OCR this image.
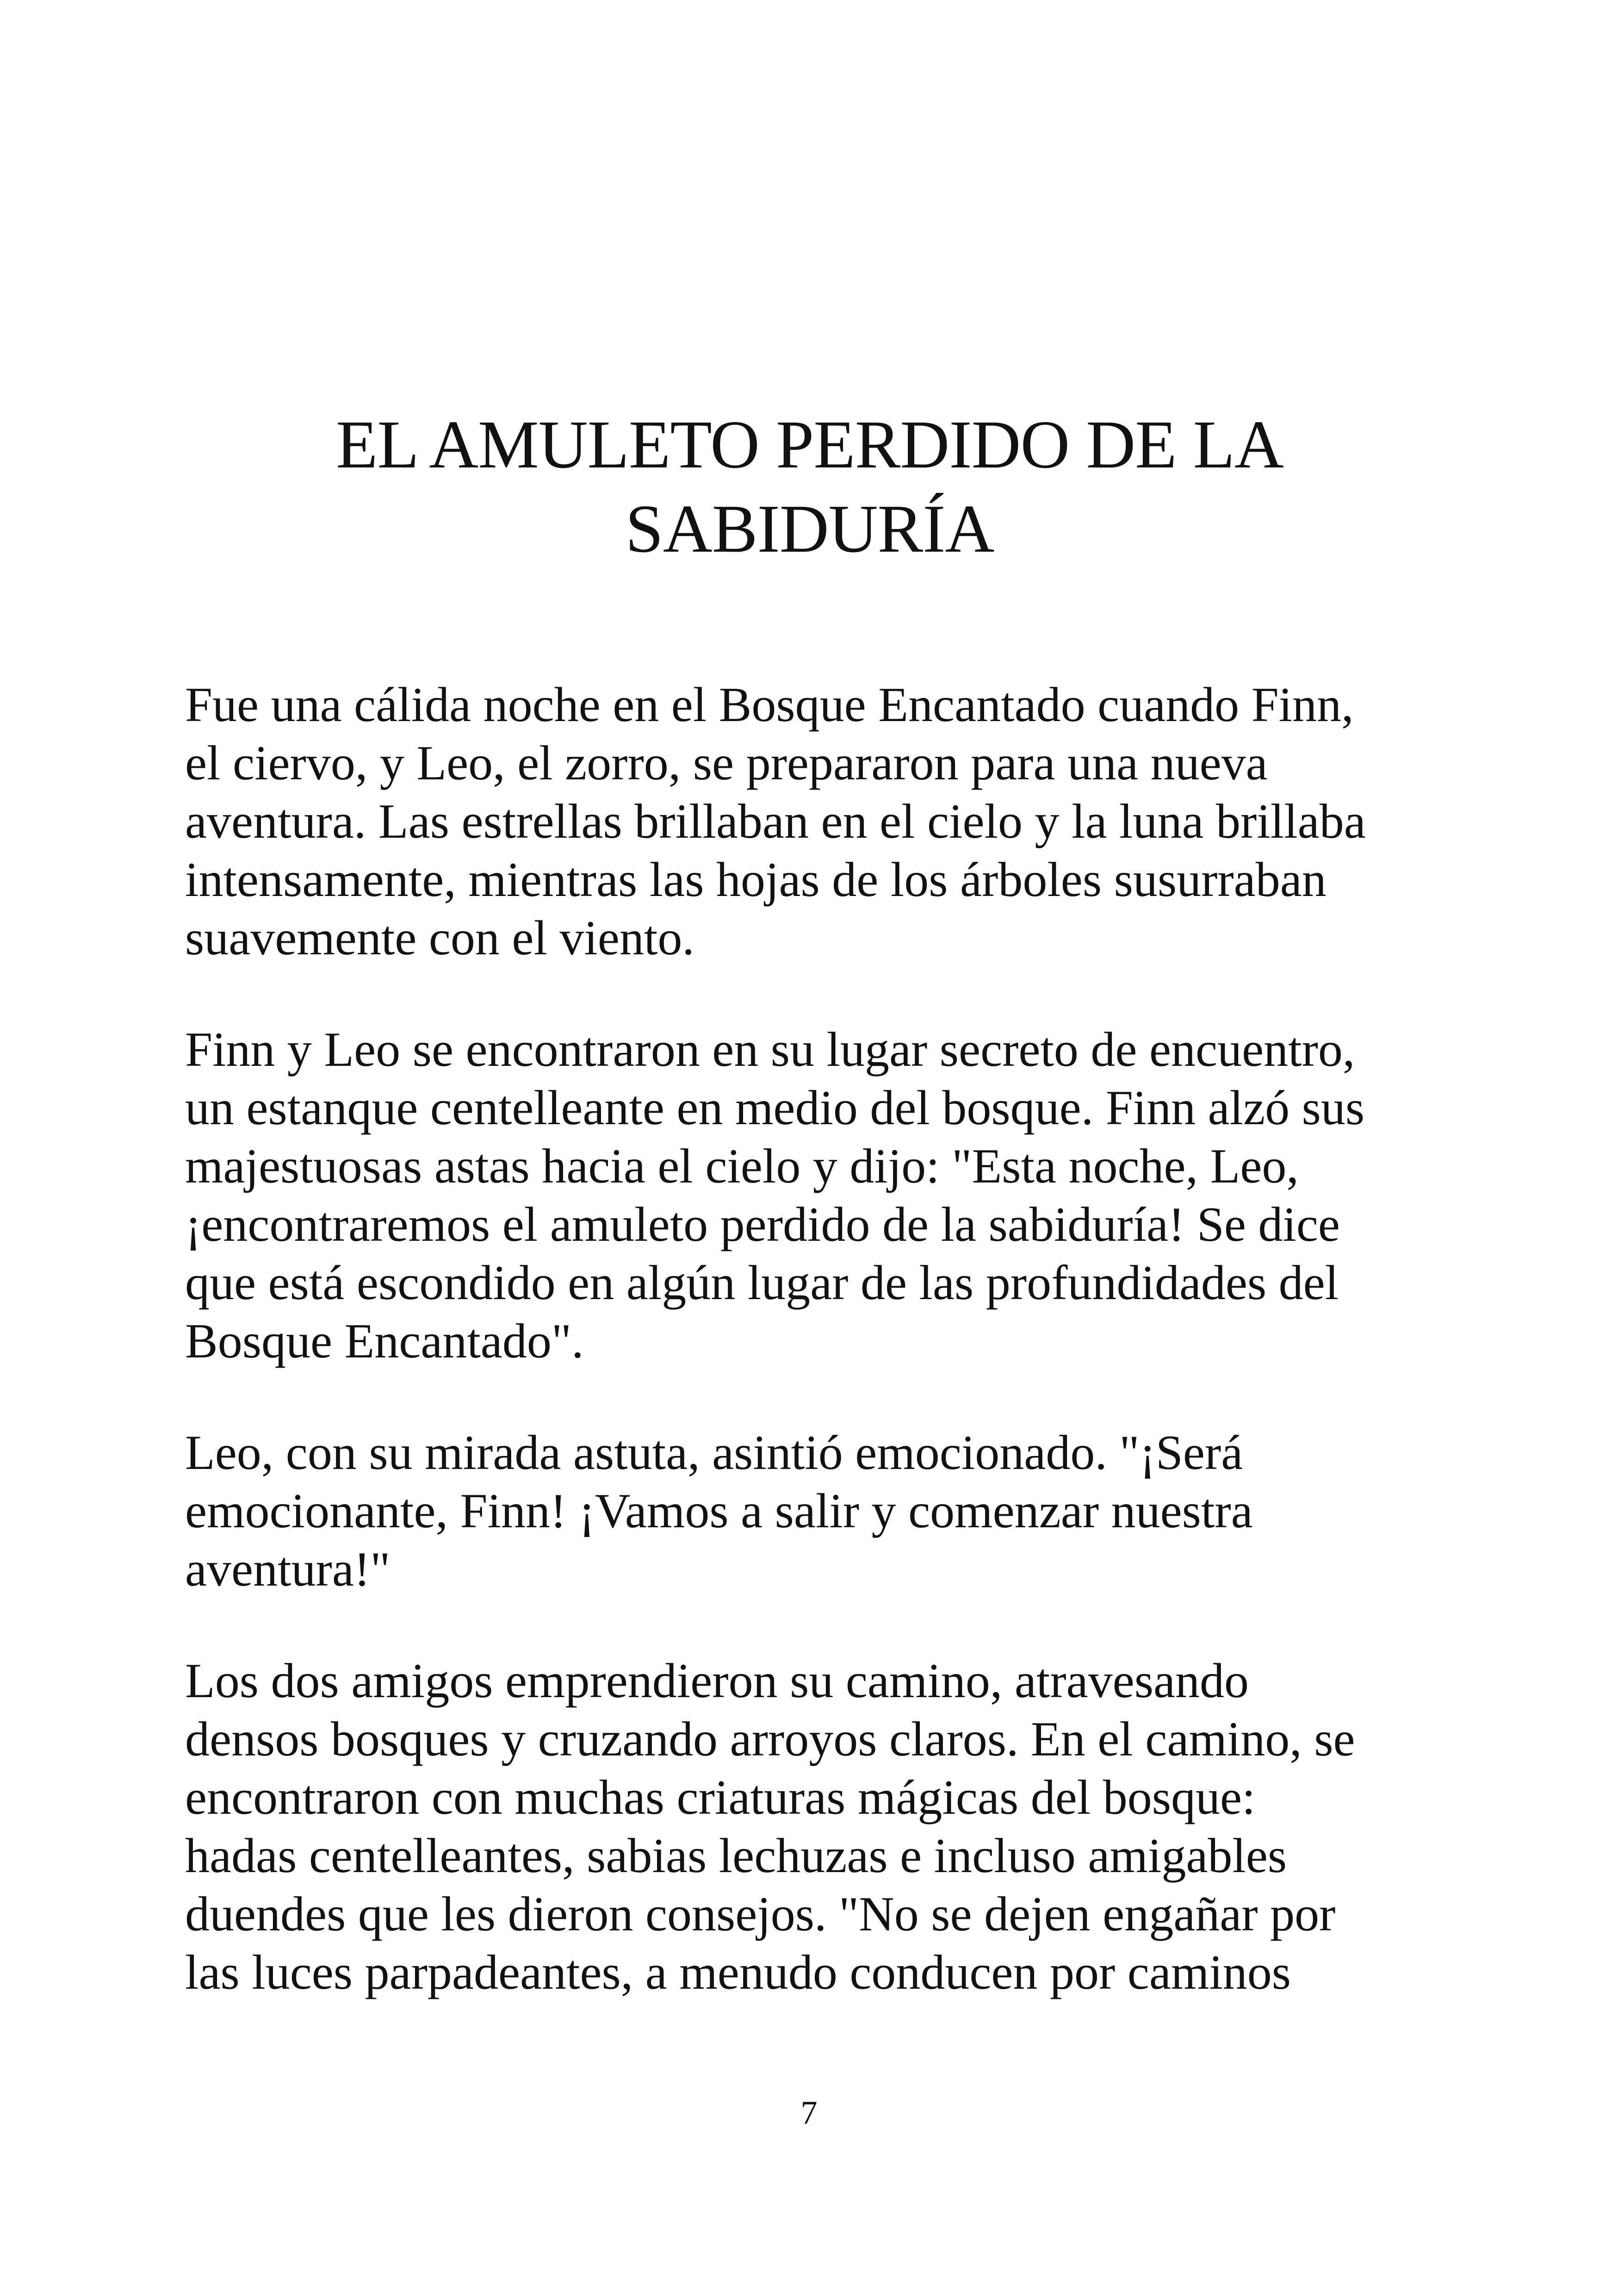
EL AMULETO PERDIDO DE LA
SABIDURÍA

Fue una cálida noche en el Bosque Encantado cuando Finn,
el ciervo, y Leo, el zorro, se prepararon para una nueva
aventura. Las estrellas brillaban en el cielo y la luna brillaba
intensamente, mientras las hojas de los árboles susurraban
suavemente con el viento.

Finn y Leo se encontraron en su lugar secreto de encuentro,
un estanque centelleante en medio del bosque. Finn alzó sus
majestuosas astas hacia el cielo y dijo: "Esta noche, Leo,
¡encontraremos el amuleto perdido de la sabiduría! Se dice
que está escondido en algún lugar de las profundidades del
Bosque Encantado".

Leo, con su mirada astuta, asintió emocionado. "¡Será
emocionante, Finn! ¡Vamos a salir y comenzar nuestra
aventura!"

Los dos amigos emprendieron su camino, atravesando
densos bosques y cruzando arroyos claros. En el camino, se
encontraron con muchas criaturas mágicas del bosque:
hadas centelleantes, sabias lechuzas e incluso amigables
duendes que les dieron consejos. "No se dejen engañar por
las luces parpadeantes, a menudo conducen por caminos

7
